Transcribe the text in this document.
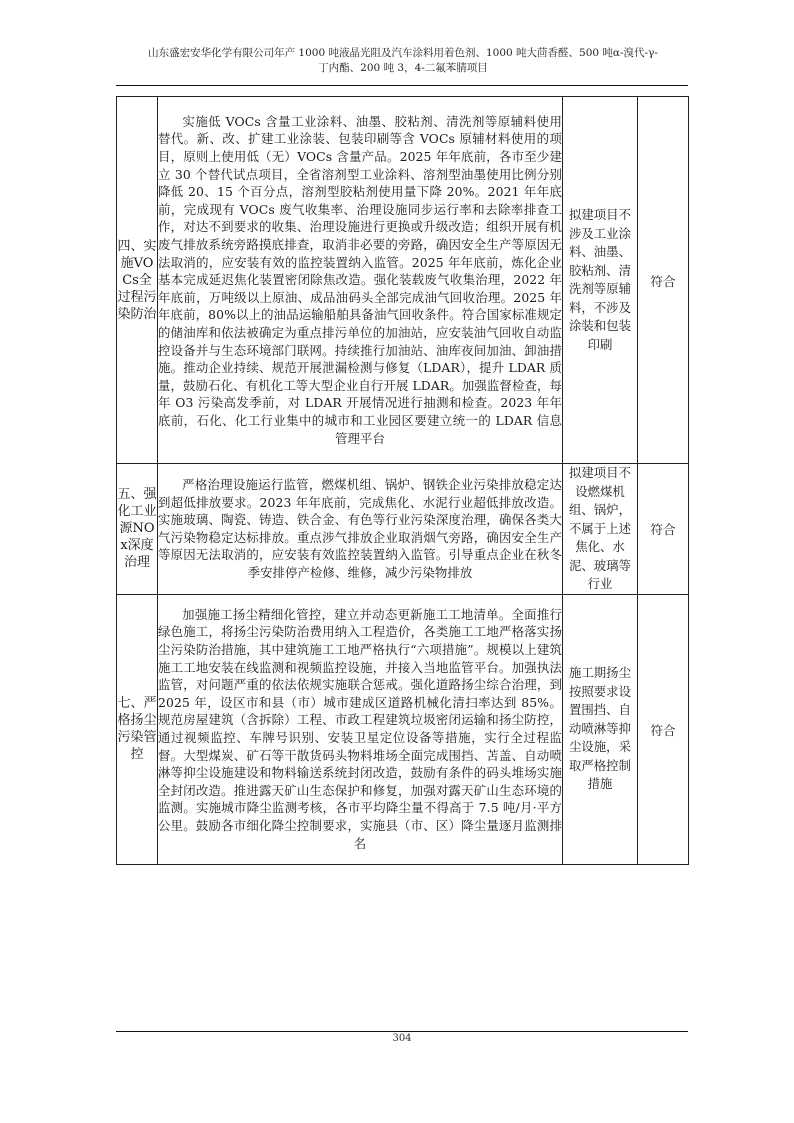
山东盛宏安华化学有限公司年产 1000 吨液晶光阻及汽车涂料用着色剂、1000 吨大茴香醛、500 吨α-溴代-γ-
丁内酯、200 吨 3，4-二氟苯腈项目
四、实施VOCs全过程污染防治	实施低 VOCs 含量工业涂料、油墨、胶粘剂、清洗剂等原辅料使用替代。新、改、扩建工业涂装、包装印刷等含 VOCs 原辅材料使用的项目，原则上使用低（无）VOCs 含量产品。2025 年年底前，各市至少建立 30 个替代试点项目，全省溶剂型工业涂料、溶剂型油墨使用比例分别降低 20、15 个百分点，溶剂型胶粘剂使用量下降 20%。2021 年年底前，完成现有 VOCs 废气收集率、治理设施同步运行率和去除率排查工作，对达不到要求的收集、治理设施进行更换或升级改造；组织开展有机废气排放系统旁路摸底排查，取消非必要的旁路，确因安全生产等原因无法取消的，应安装有效的监控装置纳入监管。2025 年年底前，炼化企业基本完成延迟焦化装置密闭除焦改造。强化装载废气收集治理，2022 年年底前，万吨级以上原油、成品油码头全部完成油气回收治理。2025 年年底前，80%以上的油品运输船舶具备油气回收条件。符合国家标准规定的储油库和依法被确定为重点排污单位的加油站，应安装油气回收自动监控设备并与生态环境部门联网。持续推行加油站、油库夜间加油、卸油措施。推动企业持续、规范开展泄漏检测与修复（LDAR），提升 LDAR 质量，鼓励石化、有机化工等大型企业自行开展 LDAR。加强监督检查，每年 O3 污染高发季前，对 LDAR 开展情况进行抽测和检查。2023 年年底前，石化、化工行业集中的城市和工业园区要建立统一的 LDAR 信息管理平台	拟建项目不涉及工业涂料、油墨、胶粘剂、清洗剂等原辅料，不涉及涂装和包装印刷	符合
五、强化工业源NOx深度治理	严格治理设施运行监管，燃煤机组、锅炉、钢铁企业污染排放稳定达到超低排放要求。2023 年年底前，完成焦化、水泥行业超低排放改造。实施玻璃、陶瓷、铸造、铁合金、有色等行业污染深度治理，确保各类大气污染物稳定达标排放。重点涉气排放企业取消烟气旁路，确因安全生产等原因无法取消的，应安装有效监控装置纳入监管。引导重点企业在秋冬季安排停产检修、维修，减少污染物排放	拟建项目不设燃煤机组、锅炉，不属于上述焦化、水泥、玻璃等行业	符合
七、严格扬尘污染管控	加强施工扬尘精细化管控，建立并动态更新施工工地清单。全面推行绿色施工，将扬尘污染防治费用纳入工程造价，各类施工工地严格落实扬尘污染防治措施，其中建筑施工工地严格执行“六项措施”。规模以上建筑施工工地安装在线监测和视频监控设施，并接入当地监管平台。加强执法监管，对问题严重的依法依规实施联合惩戒。强化道路扬尘综合治理，到 2025 年，设区市和县（市）城市建成区道路机械化清扫率达到 85%。规范房屋建筑（含拆除）工程、市政工程建筑垃圾密闭运输和扬尘防控，通过视频监控、车牌号识别、安装卫星定位设备等措施，实行全过程监督。大型煤炭、矿石等干散货码头物料堆场全面完成围挡、苫盖、自动喷淋等抑尘设施建设和物料输送系统封闭改造，鼓励有条件的码头堆场实施全封闭改造。推进露天矿山生态保护和修复，加强对露天矿山生态环境的监测。实施城市降尘监测考核，各市平均降尘量不得高于 7.5 吨/月·平方公里。鼓励各市细化降尘控制要求，实施县（市、区）降尘量逐月监测排名	施工期扬尘按照要求设置围挡、自动喷淋等抑尘设施，采取严格控制措施	符合
304
